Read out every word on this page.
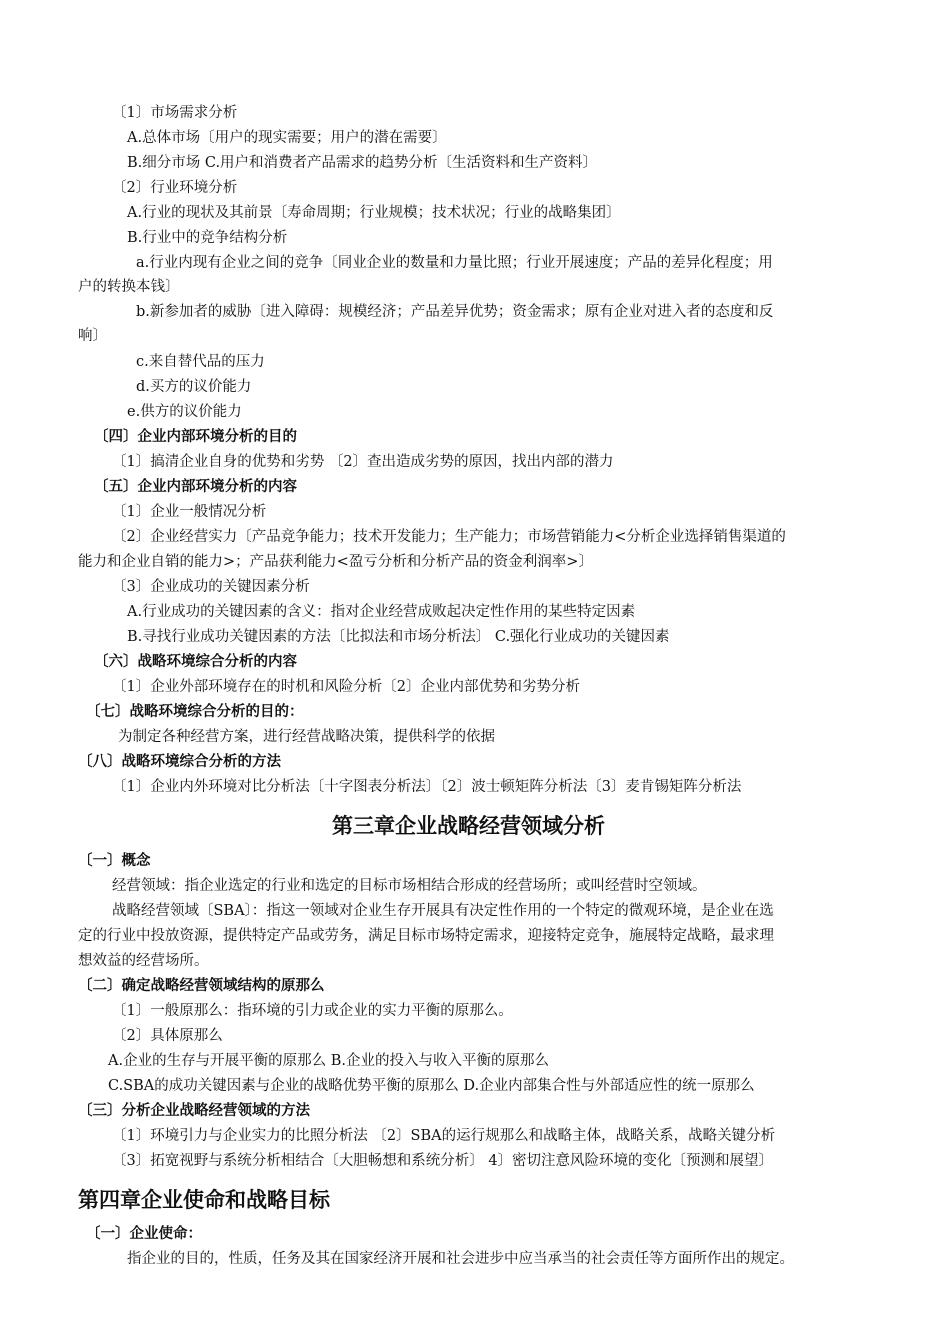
〔1〕市场需求分析
A.总体市场〔用户的现实需要；用户的潜在需要〕
B.细分市场 C.用户和消费者产品需求的趋势分析〔生活资料和生产资料〕
〔2〕行业环境分析
A.行业的现状及其前景〔寿命周期；行业规模；技术状况；行业的战略集团〕
B.行业中的竞争结构分析
a.行业内现有企业之间的竞争〔同业企业的数量和力量比照；行业开展速度；产品的差异化程度；用
户的转换本钱〕
b.新参加者的威胁〔进入障碍：规模经济；产品差异优势；资金需求；原有企业对进入者的态度和反
响〕
c.来自替代品的压力
d.买方的议价能力
e.供方的议价能力
〔四〕企业内部环境分析的目的
〔1〕搞清企业自身的优势和劣势 〔2〕查出造成劣势的原因，找出内部的潜力
〔五〕企业内部环境分析的内容
〔1〕企业一般情况分析
〔2〕企业经营实力〔产品竞争能力；技术开发能力；生产能力；市场营销能力<分析企业选择销售渠道的
能力和企业自销的能力>；产品获利能力<盈亏分析和分析产品的资金利润率>〕
〔3〕企业成功的关键因素分析
A.行业成功的关键因素的含义：指对企业经营成败起决定性作用的某些特定因素
B.寻找行业成功关键因素的方法〔比拟法和市场分析法〕 C.强化行业成功的关键因素
〔六〕战略环境综合分析的内容
〔1〕企业外部环境存在的时机和风险分析〔2〕企业内部优势和劣势分析
〔七〕战略环境综合分析的目的：
为制定各种经营方案，进行经营战略决策，提供科学的依据
〔八〕战略环境综合分析的方法
〔1〕企业内外环境对比分析法〔十字图表分析法〕〔2〕波士顿矩阵分析法〔3〕麦肯锡矩阵分析法
第三章企业战略经营领域分析
〔一〕概念
经营领域：指企业选定的行业和选定的目标市场相结合形成的经营场所；或叫经营时空领域。
战略经营领域〔SBA〕：指这一领域对企业生存开展具有决定性作用的一个特定的微观环境，是企业在选
定的行业中投放资源，提供特定产品或劳务，满足目标市场特定需求，迎接特定竞争，施展特定战略，最求理
想效益的经营场所。
〔二〕确定战略经营领域结构的原那么
〔1〕一般原那么：指环境的引力或企业的实力平衡的原那么。
〔2〕具体原那么
A.企业的生存与开展平衡的原那么 B.企业的投入与收入平衡的原那么
C.SBA的成功关键因素与企业的战略优势平衡的原那么 D.企业内部集合性与外部适应性的统一原那么
〔三〕分析企业战略经营领域的方法
〔1〕环境引力与企业实力的比照分析法 〔2〕SBA的运行规那么和战略主体，战略关系，战略关键分析
〔3〕拓宽视野与系统分析相结合〔大胆畅想和系统分析〕 4〕密切注意风险环境的变化〔预测和展望〕
第四章企业使命和战略目标
〔一〕企业使命：
指企业的目的，性质，任务及其在国家经济开展和社会进步中应当承当的社会责任等方面所作出的规定。
